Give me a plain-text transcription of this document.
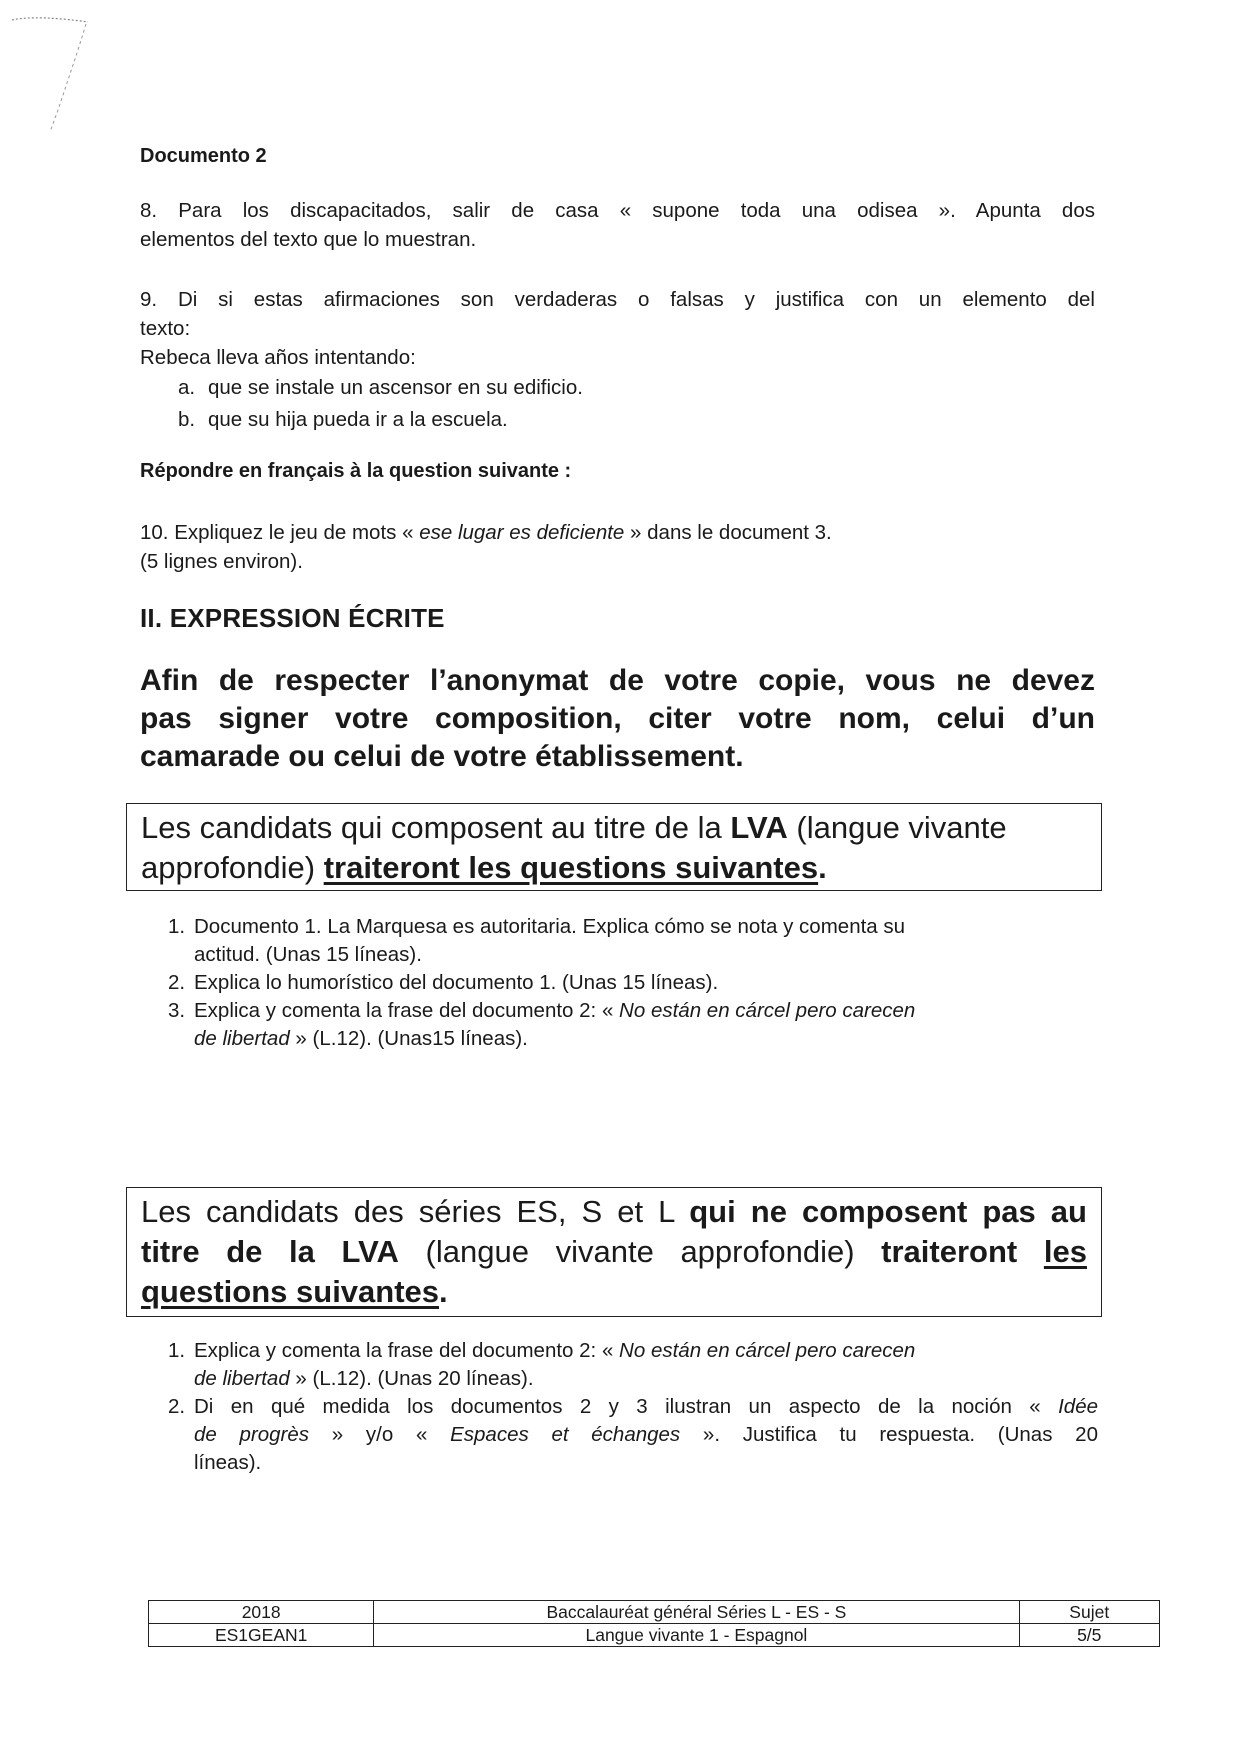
Documento 2
8. Para los discapacitados, salir de casa « supone toda una odisea ». Apunta dos
elementos del texto que lo muestran.
9. Di si estas afirmaciones son verdaderas o falsas y justifica con un elemento del
texto:
Rebeca lleva años intentando:
a. que se instale un ascensor en su edificio.
b. que su hija pueda ir a la escuela.
Répondre en français à la question suivante :
10. Expliquez le jeu de mots « ese lugar es deficiente » dans le document 3.
(5 lignes environ).
II. EXPRESSION ÉCRITE
Afin de respecter l’anonymat de votre copie, vous ne devez
pas signer votre composition, citer votre nom, celui d’un
camarade ou celui de votre établissement.
Les candidats qui composent au titre de la LVA (langue vivante
approfondie) traiteront les questions suivantes.
1. Documento 1. La Marquesa es autoritaria. Explica cómo se nota y comenta su
actitud. (Unas 15 líneas).
2. Explica lo humorístico del documento 1. (Unas 15 líneas).
3. Explica y comenta la frase del documento 2: « No están en cárcel pero carecen
de libertad » (L.12). (Unas15 líneas).
Les candidats des séries ES, S et L qui ne composent pas au
titre de la LVA (langue vivante approfondie) traiteront les
questions suivantes.
1. Explica y comenta la frase del documento 2: « No están en cárcel pero carecen
de libertad » (L.12). (Unas 20 líneas).
2. Di en qué medida los documentos 2 y 3 ilustran un aspecto de la noción « Idée
de progrès » y/o « Espaces et échanges ». Justifica tu respuesta. (Unas 20
líneas).
2018	Baccalauréat général Séries L - ES - S	Sujet
ES1GEAN1	Langue vivante 1 - Espagnol	5/5
